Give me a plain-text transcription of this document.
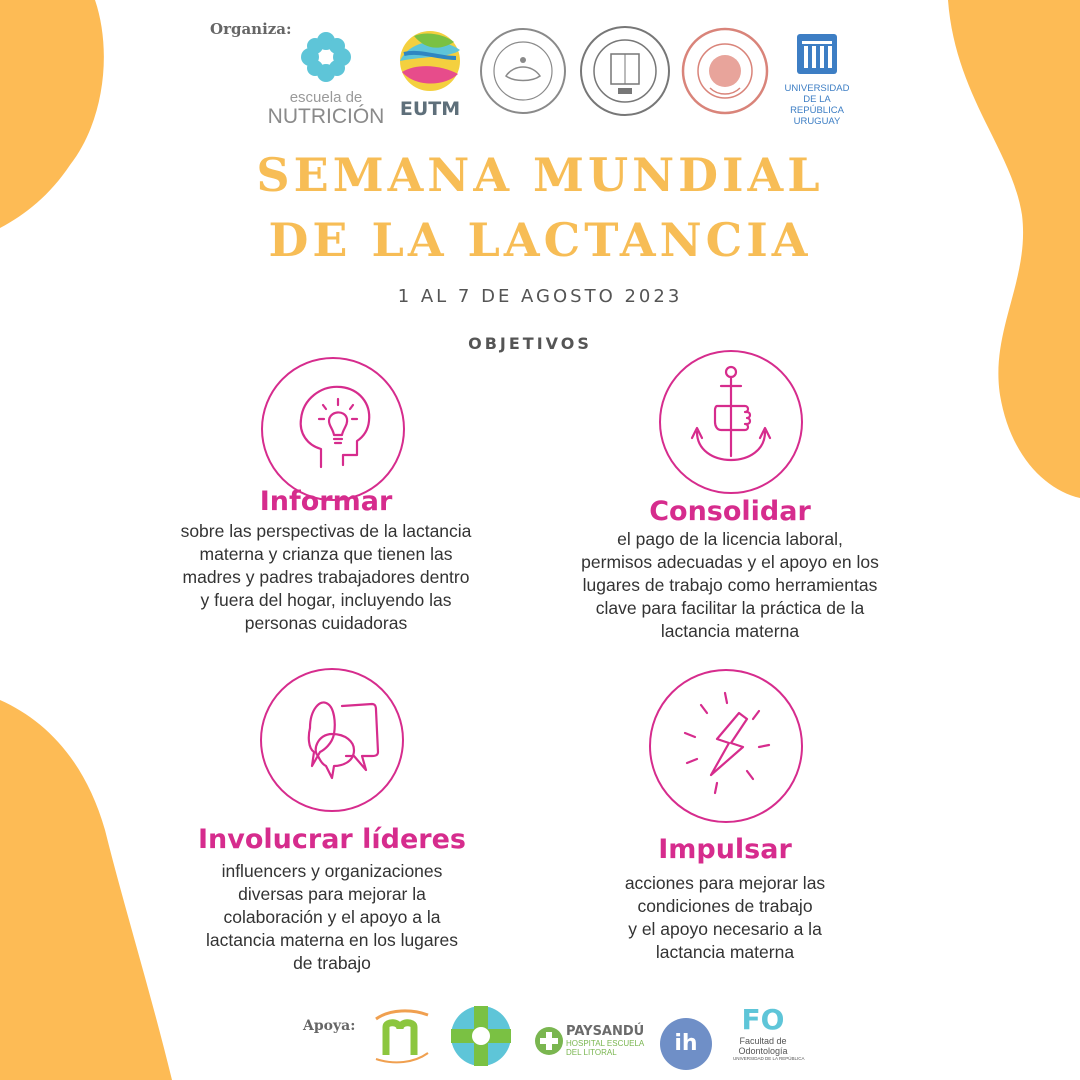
Organiza:
escuela de
NUTRICIÓN EUTM
UNIVERSIDAD
DE LA REPÚBLICA
URUGUAY
SEMANA MUNDIAL
DE LA LACTANCIA
1 AL 7 DE AGOSTO 2023
OBJETIVOS
Informar
sobre las perspectivas de la lactancia
materna y crianza que tienen las
madres y padres trabajadores dentro
y fuera del hogar, incluyendo las
personas cuidadoras
Consolidar
el pago de la licencia laboral,
permisos adecuadas y el apoyo en los
lugares de trabajo como herramientas
clave para facilitar la práctica de la
lactancia materna
Involucrar líderes
influencers y organizaciones
diversas para mejorar la
colaboración y el apoyo a la
lactancia materna en los lugares
de trabajo
Impulsar
acciones para mejorar las
condiciones de trabajo
y el apoyo necesario a la
lactancia materna
Apoya:	PAYSANDÚ
HOSPITAL ESCUELA
DEL LITORAL	ih
FO
Facultad de
Odontología
UNIVERSIDAD DE LA REPÚBLICA
